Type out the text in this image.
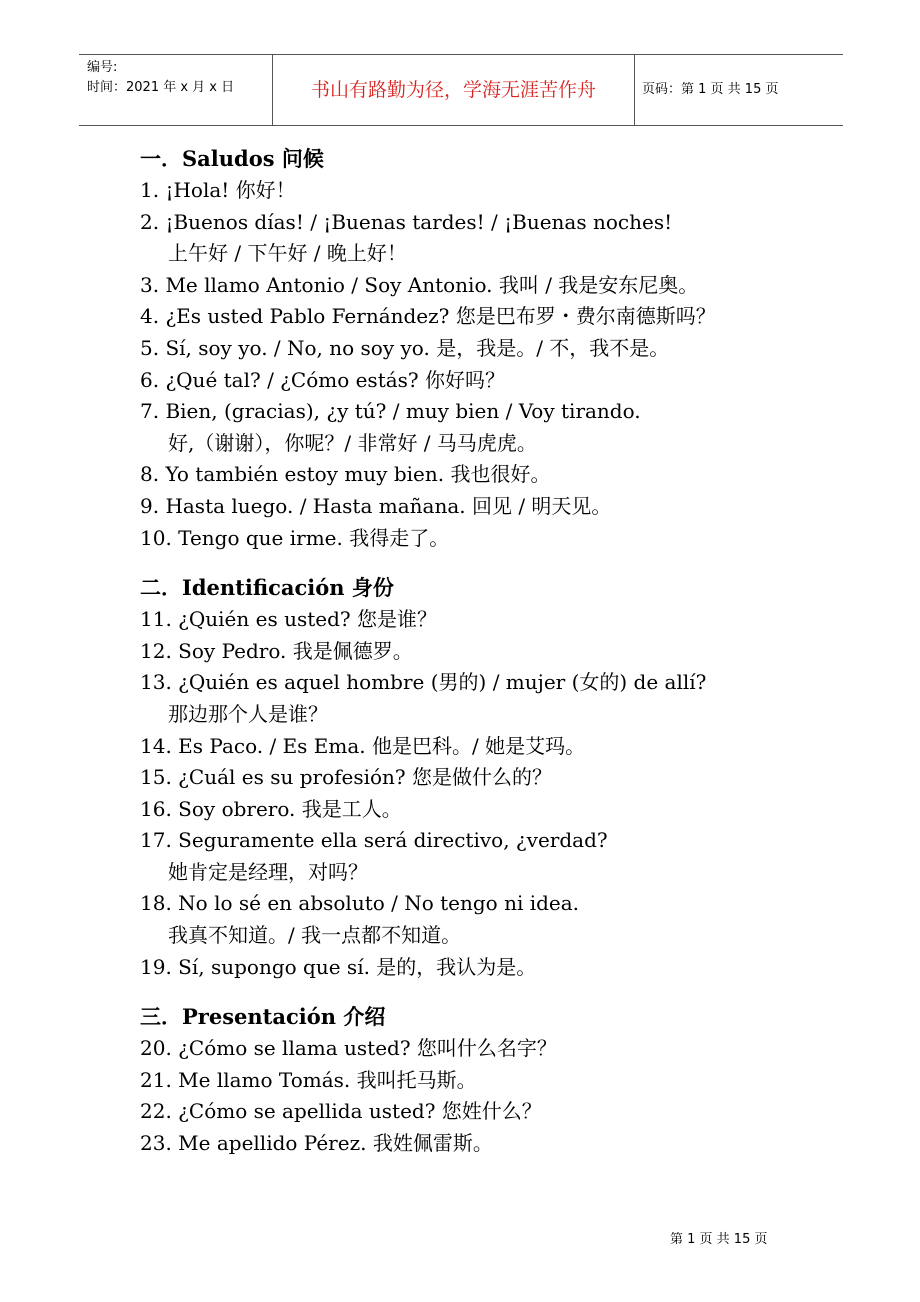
编号:
时间：2021 年 x 月 x 日	书山有路勤为径，学海无涯苦作舟	页码：第 1 页 共 15 页
一．Saludos 问候
1. ¡Hola! 你好！
2. ¡Buenos días! / ¡Buenas tardes! / ¡Buenas noches!
上午好 / 下午好 / 晚上好！
3. Me llamo Antonio / Soy Antonio. 我叫 / 我是安东尼奥。
4. ¿Es usted Pablo Fernández? 您是巴布罗・费尔南德斯吗？
5. Sí, soy yo. / No, no soy yo. 是，我是。/ 不，我不是。
6. ¿Qué tal? / ¿Cómo estás? 你好吗？
7. Bien, (gracias), ¿y tú? / muy bien / Voy tirando.
好,（谢谢），你呢？/ 非常好 / 马马虎虎。
8. Yo también estoy muy bien. 我也很好。
9. Hasta luego. / Hasta mañana. 回见 / 明天见。
10. Tengo que irme. 我得走了。
二．Identificación 身份
11. ¿Quién es usted? 您是谁？
12. Soy Pedro. 我是佩德罗。
13. ¿Quién es aquel hombre (男的) / mujer (女的) de allí?
那边那个人是谁？
14. Es Paco. / Es Ema. 他是巴科。/ 她是艾玛。
15. ¿Cuál es su profesión? 您是做什么的？
16. Soy obrero. 我是工人。
17. Seguramente ella será directivo, ¿verdad?
她肯定是经理，对吗？
18. No lo sé en absoluto / No tengo ni idea.
我真不知道。/ 我一点都不知道。
19. Sí, supongo que sí. 是的，我认为是。
三．Presentación 介绍
20. ¿Cómo se llama usted? 您叫什么名字？
21. Me llamo Tomás. 我叫托马斯。
22. ¿Cómo se apellida usted? 您姓什么？
23. Me apellido Pérez. 我姓佩雷斯。
第 1 页 共 15 页
